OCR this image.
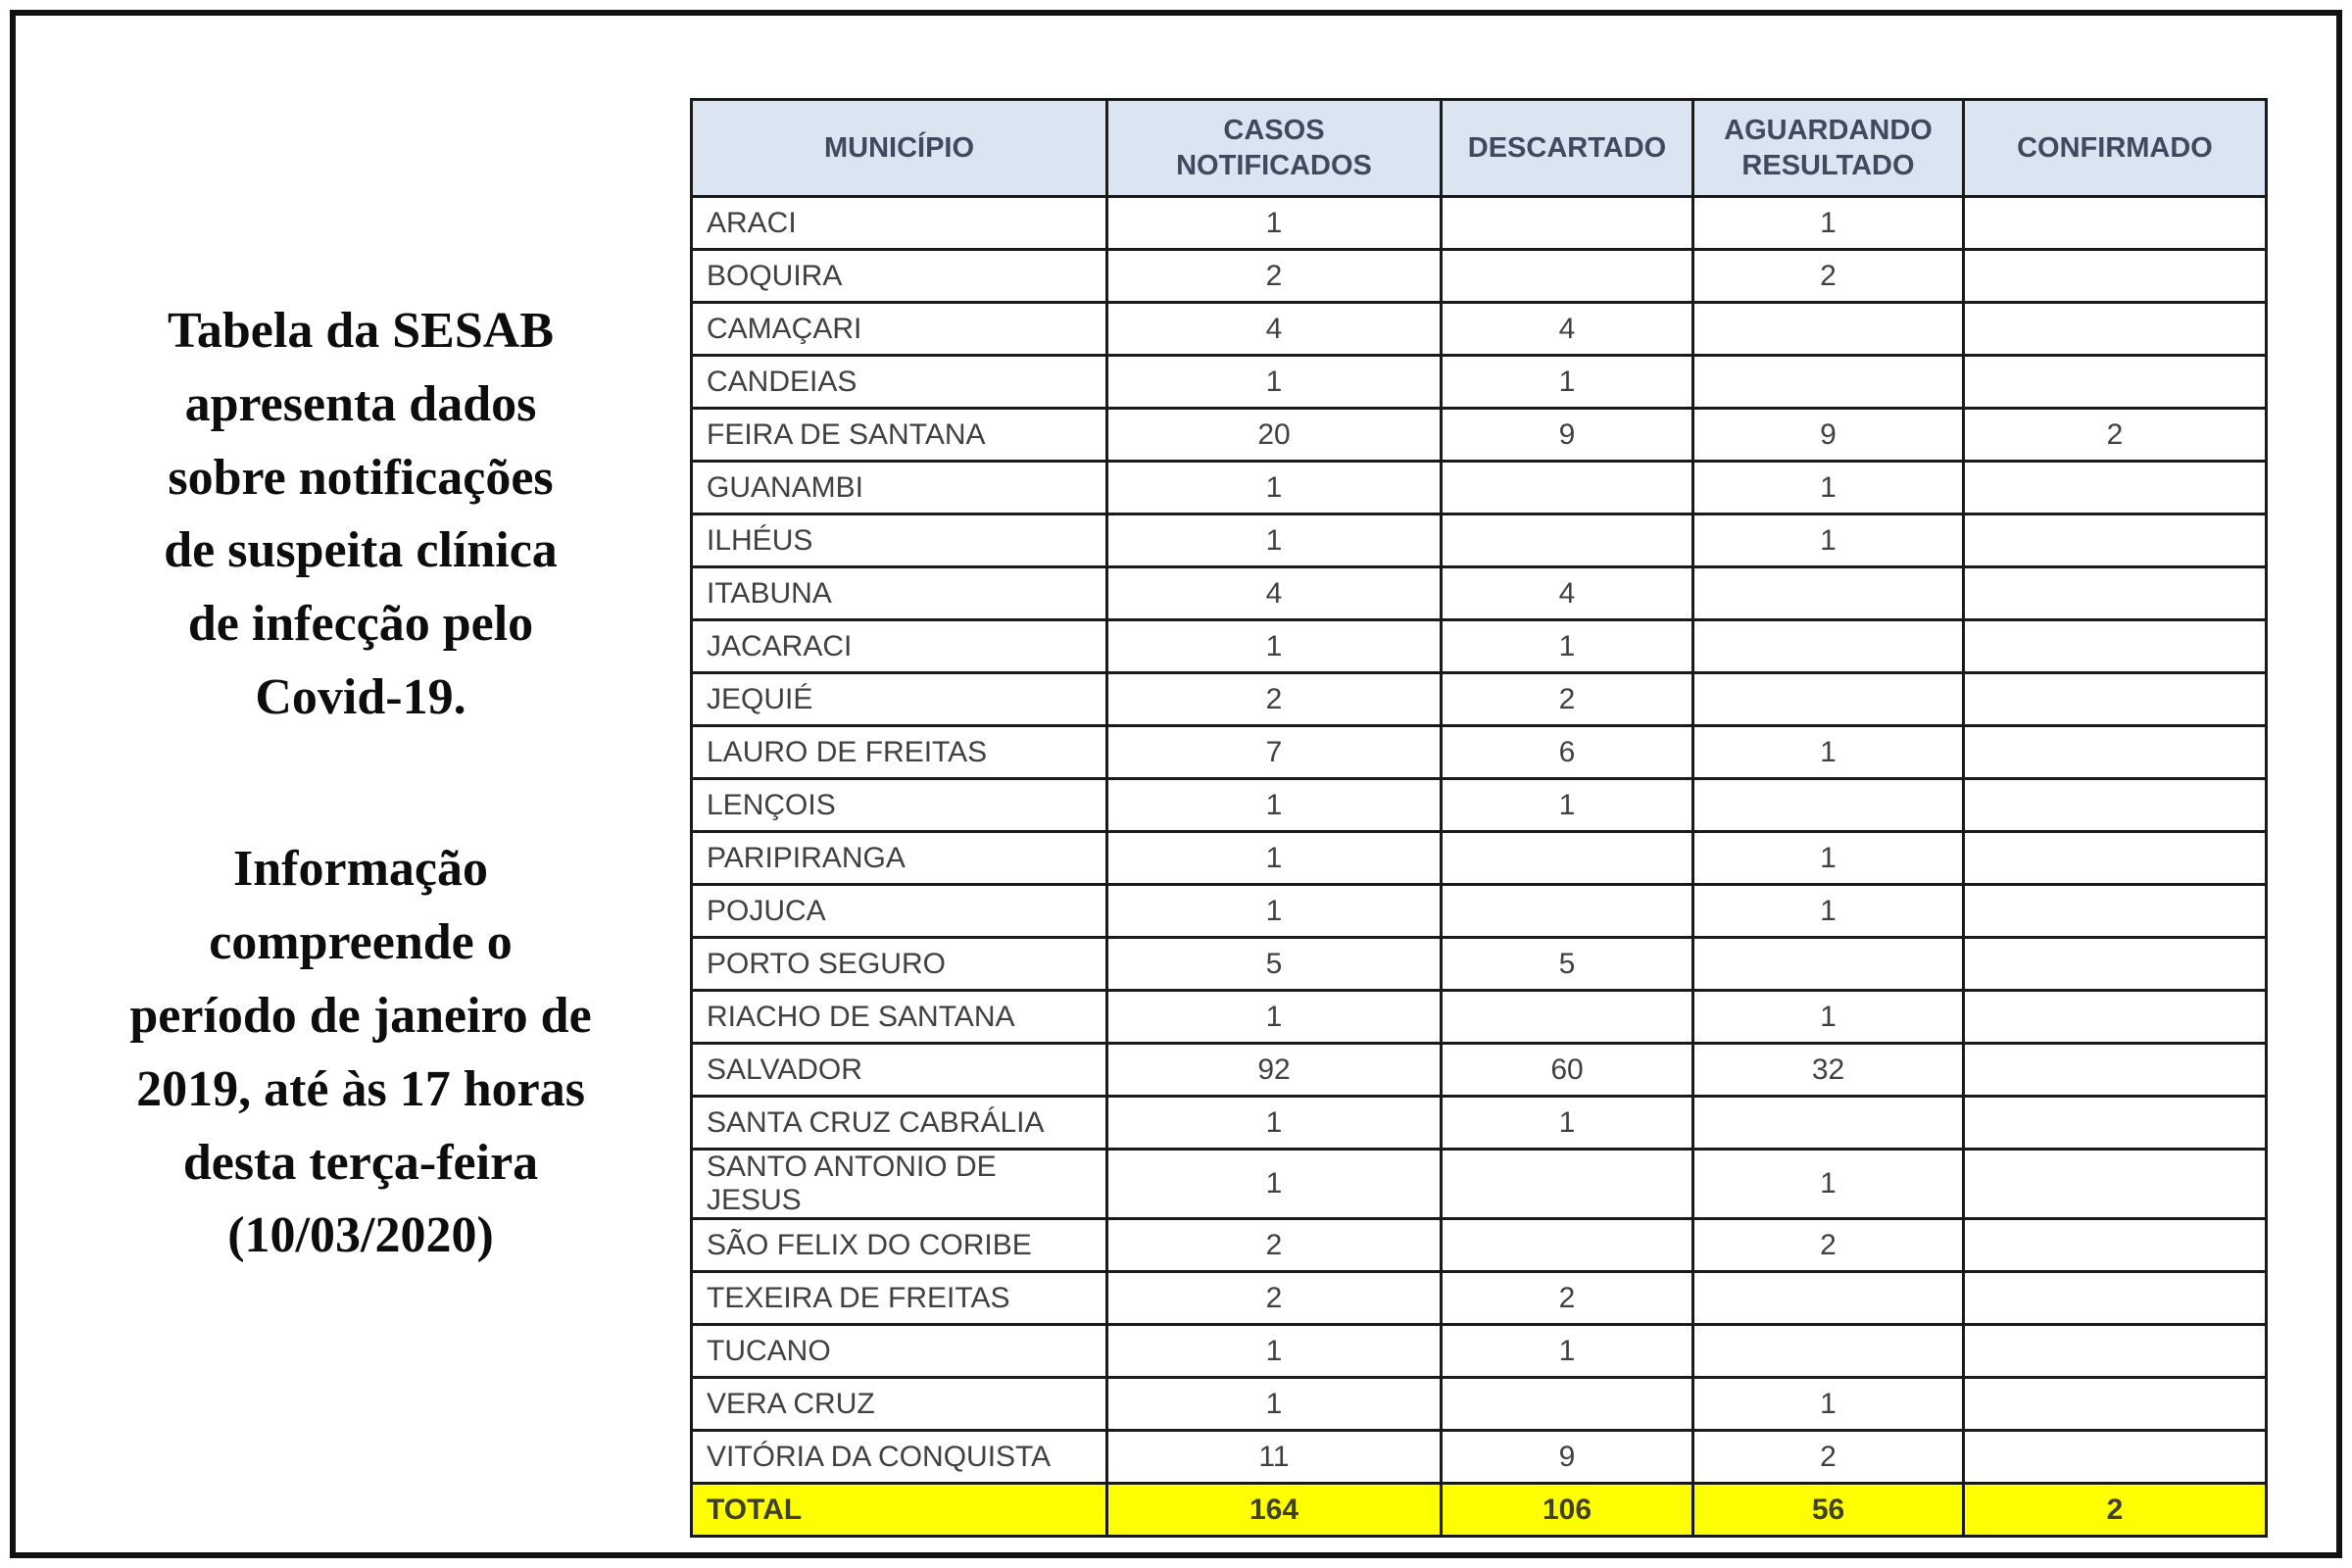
Tabela da SESAB
apresenta dados
sobre notificações
de suspeita clínica
de infecção pelo
Covid-19.
Informação
compreende o
período de janeiro de
2019, até às 17 horas
desta terça-feira
(10/03/2020)
MUNICÍPIO	CASOS NOTIFICADOS	DESCARTADO	AGUARDANDO RESULTADO	CONFIRMADO
ARACI	1		1	
BOQUIRA	2		2	
CAMAÇARI	4	4		
CANDEIAS	1	1		
FEIRA DE SANTANA	20	9	9	2
GUANAMBI	1		1	
ILHÉUS	1		1	
ITABUNA	4	4		
JACARACI	1	1		
JEQUIÉ	2	2		
LAURO DE FREITAS	7	6	1	
LENÇOIS	1	1		
PARIPIRANGA	1		1	
POJUCA	1		1	
PORTO SEGURO	5	5		
RIACHO DE SANTANA	1		1	
SALVADOR	92	60	32	
SANTA CRUZ CABRÁLIA	1	1		
SANTO ANTONIO DE JESUS	1		1	
SÃO FELIX DO CORIBE	2		2	
TEXEIRA DE FREITAS	2	2		
TUCANO	1	1		
VERA CRUZ	1		1	
VITÓRIA DA CONQUISTA	11	9	2	
TOTAL	164	106	56	2
